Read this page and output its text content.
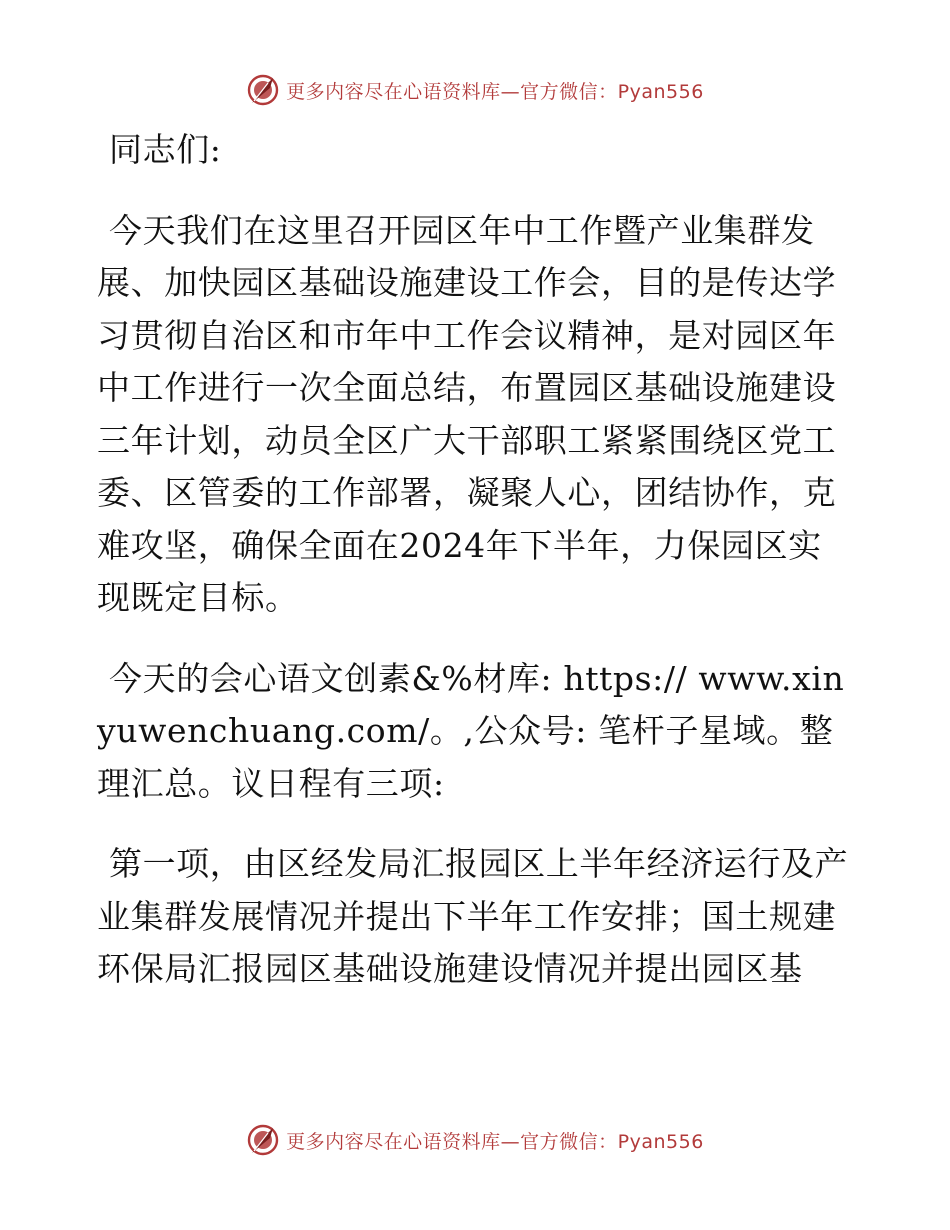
更多内容尽在心语资料库—官方微信：Pyan556

同志们:

今天我们在这里召开园区年中工作暨产业集群发展、加快园区基础设施建设工作会，目的是传达学习贯彻自治区和市年中工作会议精神，是对园区年中工作进行一次全面总结，布置园区基础设施建设三年计划，动员全区广大干部职工紧紧围绕区党工委、区管委的工作部署，凝聚人心，团结协作，克难攻坚，确保全面在2024年下半年，力保园区实现既定目标。

今天的会心语文创素&%材库: https:// www.xinyuwenchuang.com/。,公众号: 笔杆子星域。整理汇总。议日程有三项:

第一项，由区经发局汇报园区上半年经济运行及产业集群发展情况并提出下半年工作安排；国土规建环保局汇报园区基础设施建设情况并提出园区基

更多内容尽在心语资料库—官方微信：Pyan556
